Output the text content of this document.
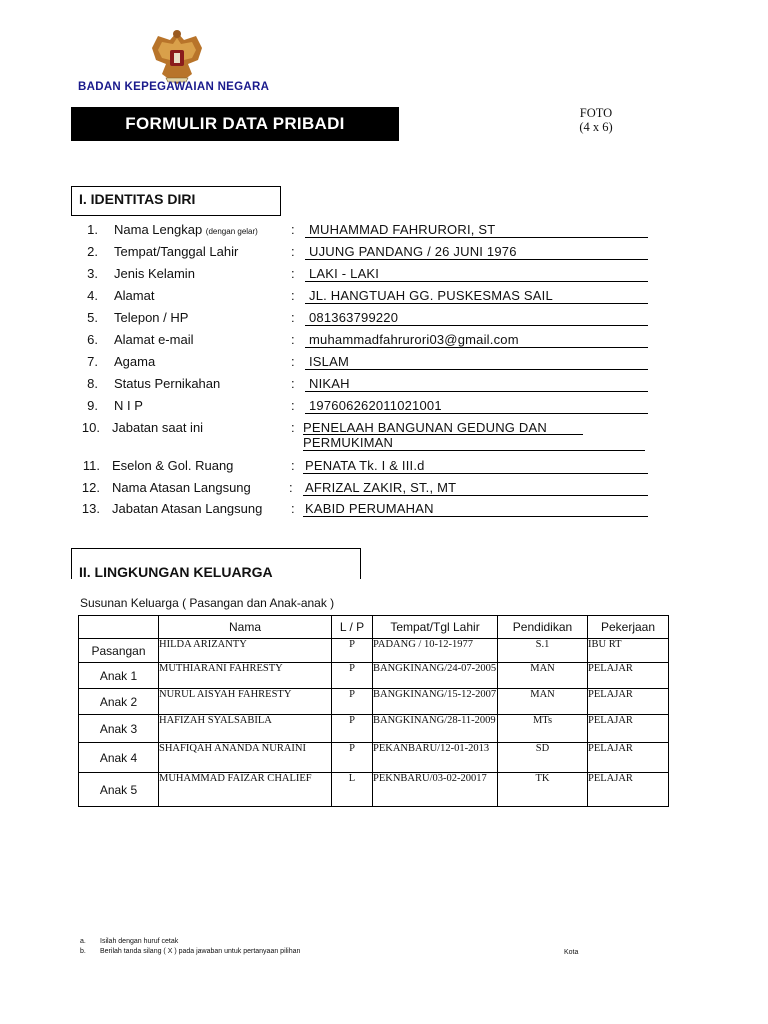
BADAN KEPEGAWAIAN NEGARA
FORMULIR DATA PRIBADI
FOTO
(4 x 6)
I. IDENTITAS DIRI
1. Nama Lengkap (dengan gelar)	: MUHAMMAD FAHRURORI, ST
2. Tempat/Tanggal Lahir	: UJUNG PANDANG / 26 JUNI 1976
3. Jenis Kelamin	: LAKI - LAKI
4. Alamat	: JL. HANGTUAH GG. PUSKESMAS SAIL
5. Telepon / HP	: 081363799220
6. Alamat e-mail	: muhammadfahrurori03@gmail.com
7. Agama	: ISLAM
8. Status Pernikahan	: NIKAH
9. N I P	: 197606262011021001
10. Jabatan saat ini	: PENELAAH BANGUNAN GEDUNG DAN
PERMUKIMAN
11. Eselon & Gol. Ruang	: PENATA Tk. I & III.d
12. Nama Atasan Langsung	: AFRIZAL ZAKIR, ST., MT
13. Jabatan Atasan Langsung : KABID PERUMAHAN
II. LINGKUNGAN KELUARGA
Susunan Keluarga ( Pasangan dan Anak-anak )
	Nama	L / P	Tempat/Tgl Lahir	Pendidikan	Pekerjaan
Pasangan	HILDA ARIZANTY	P	PADANG / 10-12-1977	S.1	IBU RT
Anak 1	MUTHIARANI FAHRESTY	P	BANGKINANG/24-07-2005	MAN	PELAJAR
Anak 2	NURUL AISYAH FAHRESTY	P	BANGKINANG/15-12-2007	MAN	PELAJAR
Anak 3	HAFIZAH SYALSABILA	P	BANGKINANG/28-11-2009	MTs	PELAJAR
Anak 4	SHAFIQAH ANANDA NURAINI	P	PEKANBARU/12-01-2013	SD	PELAJAR
Anak 5	MUHAMMAD FAIZAR CHALIEF	L	PEKNBARU/03-02-20017	TK	PELAJAR
a. Isilah dengan huruf cetak
b. Berilah tanda silang ( X ) pada jawaban untuk pertanyaan pilihan	Kota
